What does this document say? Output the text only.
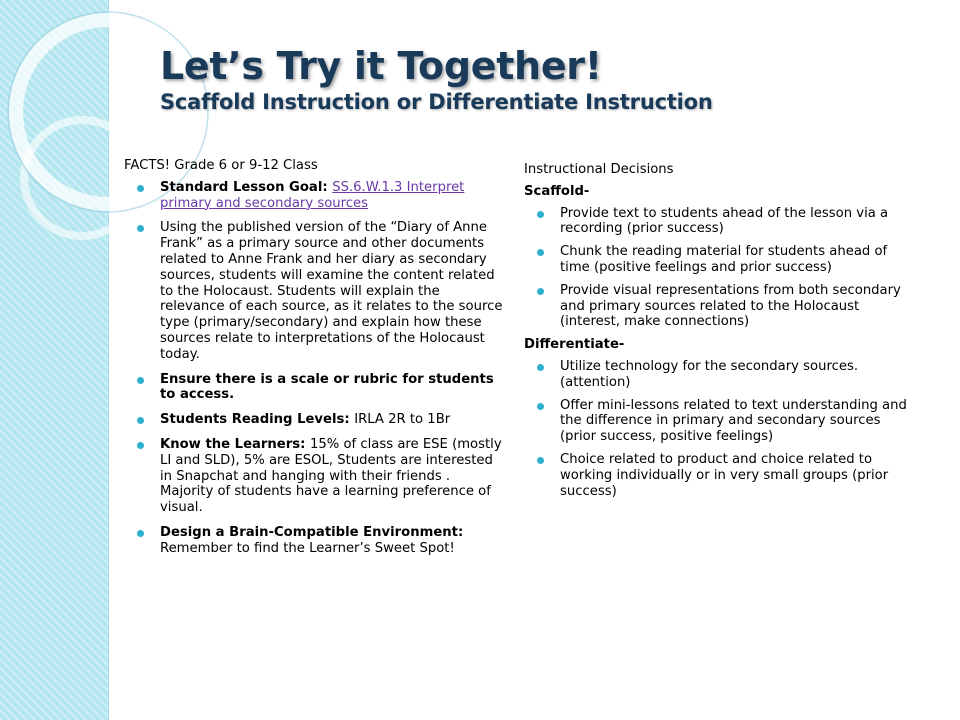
Let’s Try it Together!
Scaffold Instruction or Differentiate Instruction
FACTS! Grade 6 or 9-12 Class
Standard Lesson Goal: SS.6.W.1.3 Interpret primary and secondary sources
Using the published version of the “Diary of Anne Frank” as a primary source and other documents related to Anne Frank and her diary as secondary sources, students will examine the content related to the Holocaust. Students will explain the relevance of each source, as it relates to the source type (primary/secondary) and explain how these sources relate to interpretations of the Holocaust today.
Ensure there is a scale or rubric for students to access.
Students Reading Levels: IRLA 2R to 1Br
Know the Learners: 15% of class are ESE (mostly LI and SLD), 5% are ESOL, Students are interested in Snapchat and hanging with their friends . Majority of students have a learning preference of visual.
Design a Brain-Compatible Environment: Remember to find the Learner’s Sweet Spot!
Instructional Decisions
Scaffold-
Provide text to students ahead of the lesson via a recording (prior success)
Chunk the reading material for students ahead of time (positive feelings and prior success)
Provide visual representations from both secondary and primary sources related to the Holocaust (interest, make connections)
Differentiate-
Utilize technology for the secondary sources. (attention)
Offer mini-lessons related to text understanding and the difference in primary and secondary sources (prior success, positive feelings)
Choice related to product and choice related to working individually or in very small groups (prior success)
